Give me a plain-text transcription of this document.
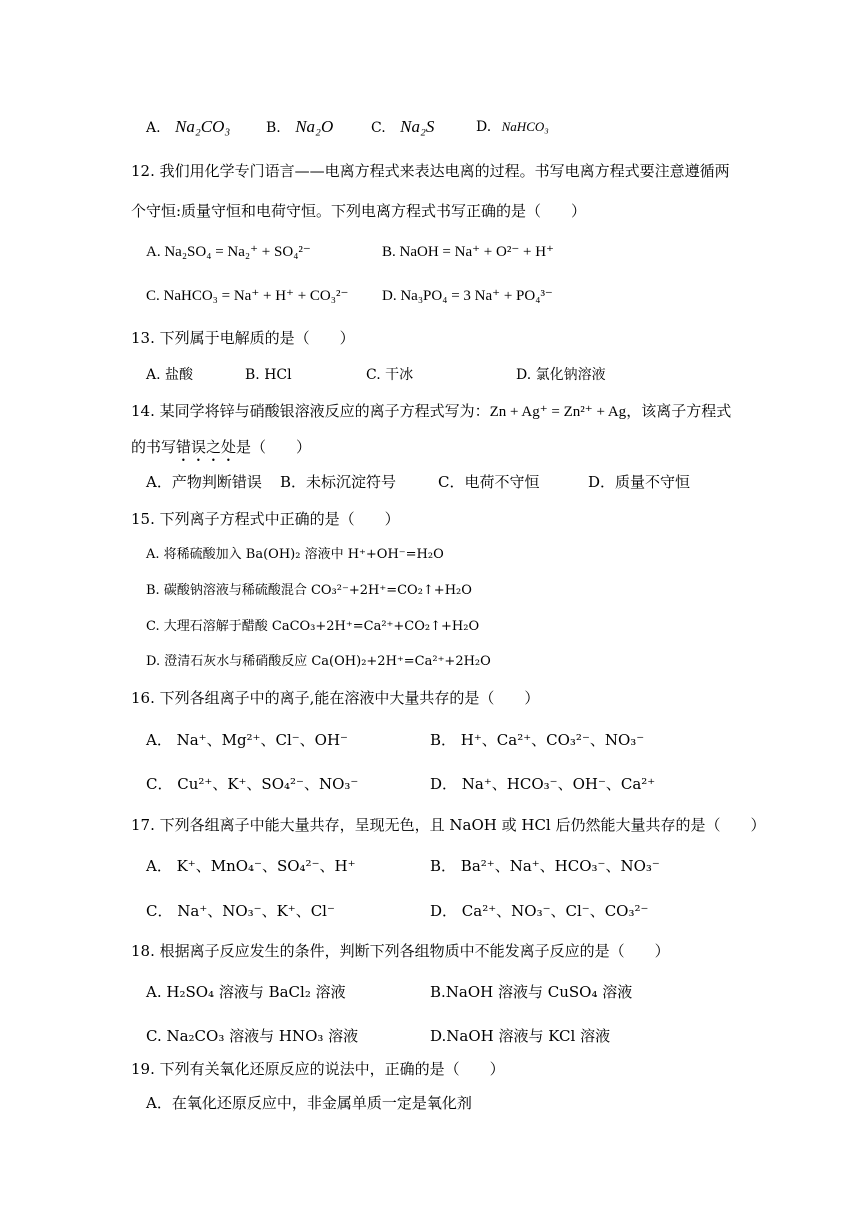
A. Na₂CO₃	B. Na₂O	C. Na₂S	D. NaHCO₃
12. 我们用化学专门语言——电离方程式来表达电离的过程。书写电离方程式要注意遵循两
个守恒:质量守恒和电荷守恒。下列电离方程式书写正确的是（　　）
A. Na₂SO₄ = Na₂⁺ + SO₄²⁻	B. NaOH = Na⁺ + O²⁻ + H⁺
C. NaHCO₃ = Na⁺ + H⁺ + CO₃²⁻ D. Na₃PO₄ = 3 Na⁺ + PO₄³⁻
13. 下列属于电解质的是（　　）
A. 盐酸	B. HCl	C. 干冰	D. 氯化钠溶液
14. 某同学将锌与硝酸银溶液反应的离子方程式写为：Zn + Ag⁺ = Zn²⁺ + Ag，该离子方程式
的书写错误之处是（　　）
A．产物判断错误 B．未标沉淀符号	C．电荷不守恒	D．质量不守恒
15. 下列离子方程式中正确的是（　　）
A. 将稀硫酸加入 Ba(OH)₂ 溶液中 H⁺+OH⁻=H₂O
B. 碳酸钠溶液与稀硫酸混合 CO₃²⁻+2H⁺=CO₂↑+H₂O
C. 大理石溶解于醋酸 CaCO₃+2H⁺=Ca²⁺+CO₂↑+H₂O
D. 澄清石灰水与稀硝酸反应 Ca(OH)₂+2H⁺=Ca²⁺+2H₂O
16. 下列各组离子中的离子,能在溶液中大量共存的是（　　）
A． Na⁺、Mg²⁺、Cl⁻、OH⁻	B． H⁺、Ca²⁺、CO₃²⁻、NO₃⁻
C． Cu²⁺、K⁺、SO₄²⁻、NO₃⁻	D． Na⁺、HCO₃⁻、OH⁻、Ca²⁺
17. 下列各组离子中能大量共存，呈现无色，且 NaOH 或 HCl 后仍然能大量共存的是（　　）
A． K⁺、MnO₄⁻、SO₄²⁻、H⁺	B． Ba²⁺、Na⁺、HCO₃⁻、NO₃⁻
C． Na⁺、NO₃⁻、K⁺、Cl⁻	D． Ca²⁺、NO₃⁻、Cl⁻、CO₃²⁻
18. 根据离子反应发生的条件，判断下列各组物质中不能发离子反应的是（　　）
A. H₂SO₄ 溶液与 BaCl₂ 溶液	B.NaOH 溶液与 CuSO₄ 溶液
C. Na₂CO₃ 溶液与 HNO₃ 溶液	D.NaOH 溶液与 KCl 溶液
19. 下列有关氧化还原反应的说法中，正确的是（　　）
A．在氧化还原反应中，非金属单质一定是氧化剂
